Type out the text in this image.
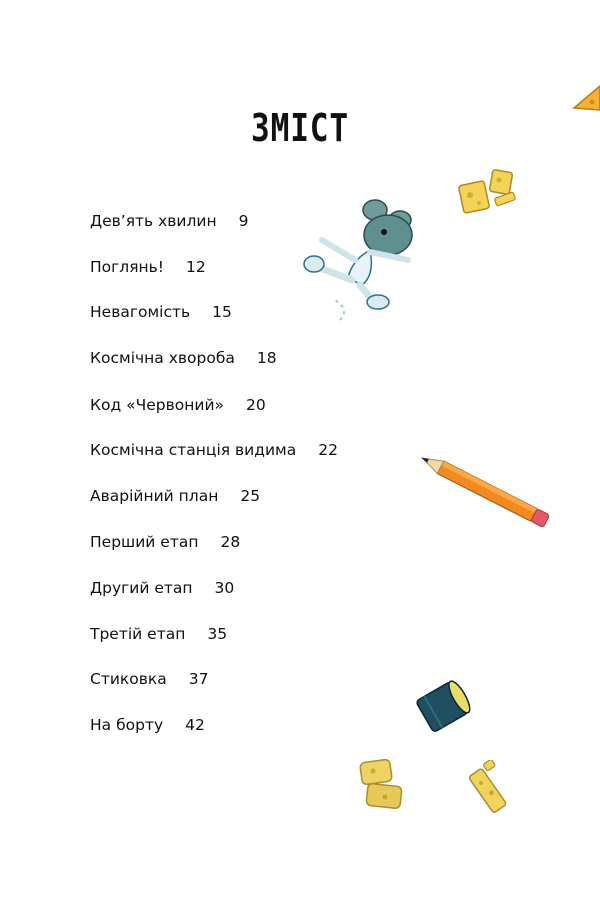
ЗМІСТ
Дев’ять хвилин 9
Поглянь! 12
Невагомість 15
Космічна хвороба 18
Код «Червоний» 20
Космічна станція видима 22
Аварійний план 25
Перший етап 28
Другий етап 30
Третій етап 35
Стиковка 37
На борту 42
